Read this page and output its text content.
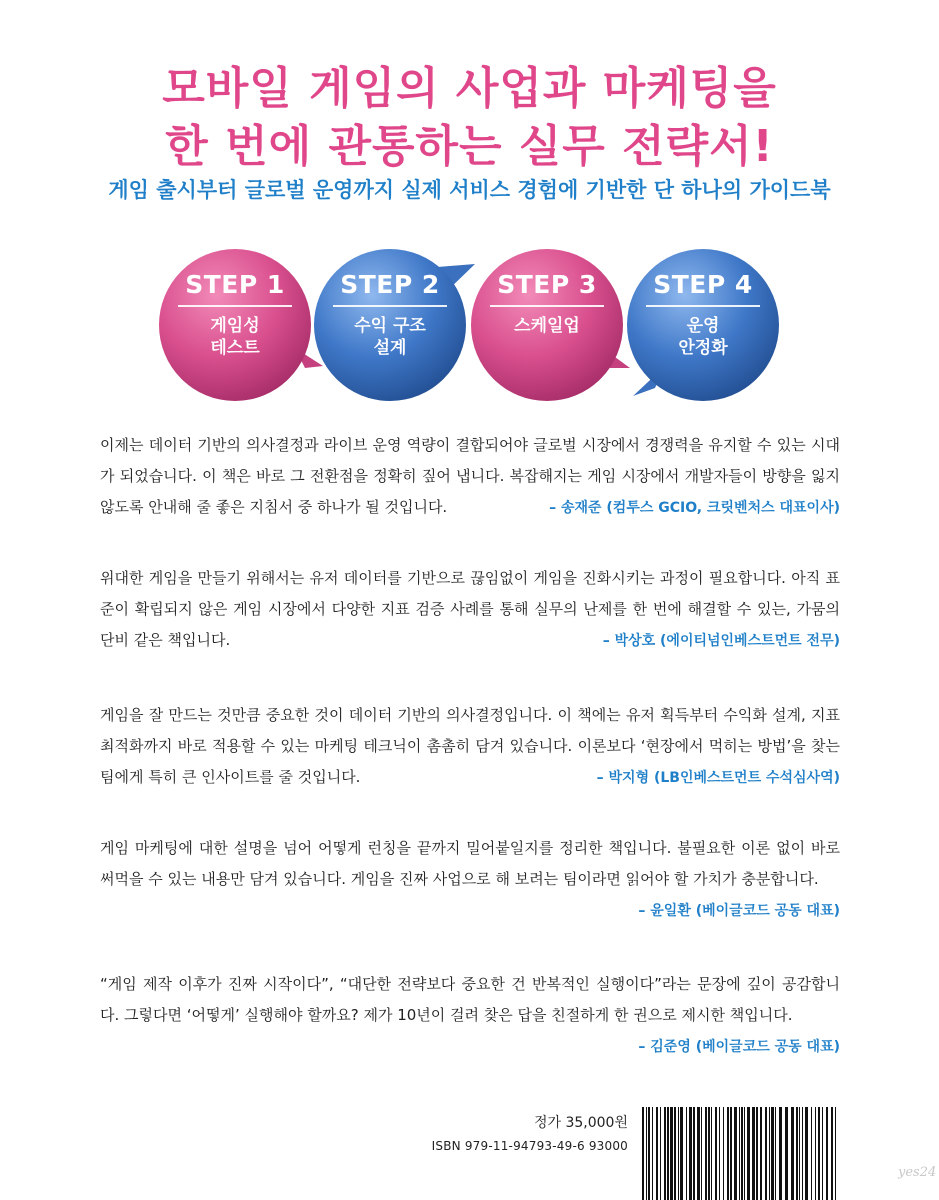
모바일 게임의 사업과 마케팅을
한 번에 관통하는 실무 전략서!

게임 출시부터 글로벌 운영까지 실제 서비스 경험에 기반한 단 하나의 가이드북

STEP 1
게임성
테스트
STEP 2
수익 구조
설계
STEP 3
스케일업
STEP 4
운영
안정화

이제는 데이터 기반의 의사결정과 라이브 운영 역량이 결합되어야 글로벌 시장에서 경쟁력을 유지할 수 있는 시대가 되었습니다. 이 책은 바로 그 전환점을 정확히 짚어 냅니다. 복잡해지는 게임 시장에서 개발자들이 방향을 잃지 않도록 안내해 줄 좋은 지침서 중 하나가 될 것입니다.	– 송재준 (컴투스 GCIO, 크릿벤처스 대표이사)

위대한 게임을 만들기 위해서는 유저 데이터를 기반으로 끊임없이 게임을 진화시키는 과정이 필요합니다. 아직 표준이 확립되지 않은 게임 시장에서 다양한 지표 검증 사례를 통해 실무의 난제를 한 번에 해결할 수 있는, 가뭄의 단비 같은 책입니다.	– 박상호 (에이티넘인베스트먼트 전무)

게임을 잘 만드는 것만큼 중요한 것이 데이터 기반의 의사결정입니다. 이 책에는 유저 획득부터 수익화 설계, 지표 최적화까지 바로 적용할 수 있는 마케팅 테크닉이 촘촘히 담겨 있습니다. 이론보다 ‘현장에서 먹히는 방법’을 찾는 팀에게 특히 큰 인사이트를 줄 것입니다.	– 박지형 (LB인베스트먼트 수석심사역)

게임 마케팅에 대한 설명을 넘어 어떻게 런칭을 끝까지 밀어붙일지를 정리한 책입니다. 불필요한 이론 없이 바로 써먹을 수 있는 내용만 담겨 있습니다. 게임을 진짜 사업으로 해 보려는 팀이라면 읽어야 할 가치가 충분합니다.

– 윤일환 (베이글코드 공동 대표)

“게임 제작 이후가 진짜 시작이다”, “대단한 전략보다 중요한 건 반복적인 실행이다”라는 문장에 깊이 공감합니다. 그렇다면 ‘어떻게’ 실행해야 할까요? 제가 10년이 걸려 찾은 답을 친절하게 한 권으로 제시한 책입니다.

– 김준영 (베이글코드 공동 대표)
정가 35,000원
ISBN 979-11-94793-49-6 93000
yes24
